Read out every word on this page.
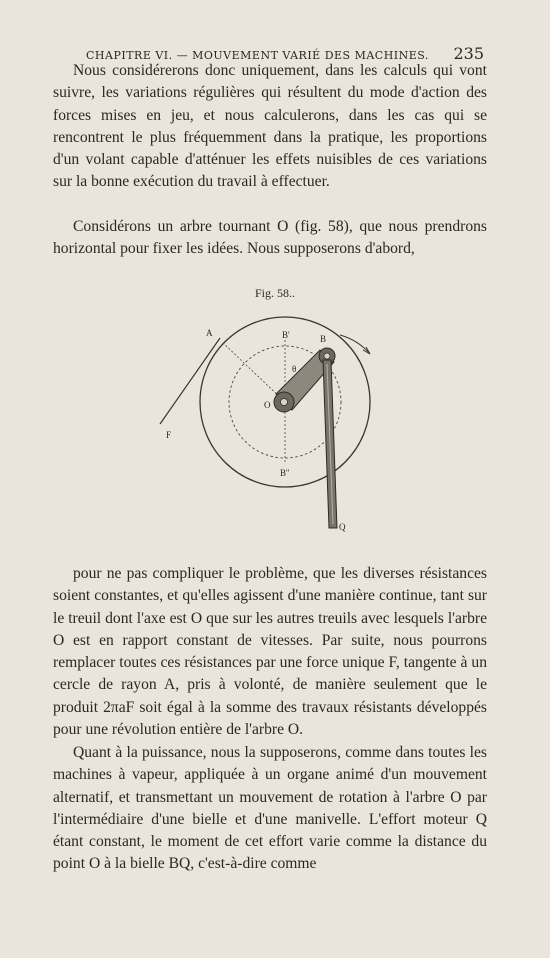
CHAPITRE VI. — MOUVEMENT VARIÉ DES MACHINES. 235

Nous considérerons donc uniquement, dans les calculs qui vont suivre, les variations régulières qui résultent du mode d'action des forces mises en jeu, et nous calculerons, dans les cas qui se rencontrent le plus fréquemment dans la pratique, les proportions d'un volant capable d'atténuer les effets nuisibles de ces variations sur la bonne exécution du travail à effectuer.

Considérons un arbre tournant O (fig. 58), que nous prendrons horizontal pour fixer les idées. Nous supposerons d'abord,

Fig. 58..
A	B'	B
θ
O
B''
F
Q

pour ne pas compliquer le problème, que les diverses résistances soient constantes, et qu'elles agissent d'une manière continue, tant sur le treuil dont l'axe est O que sur les autres treuils avec lesquels l'arbre O est en rapport constant de vitesses. Par suite, nous pourrons remplacer toutes ces résistances par une force unique F, tangente à un cercle de rayon A, pris à volonté, de manière seulement que le produit 2πaF soit égal à la somme des travaux résistants développés pour une révolution entière de l'arbre O.

Quant à la puissance, nous la supposerons, comme dans toutes les machines à vapeur, appliquée à un organe animé d'un mouvement alternatif, et transmettant un mouvement de rotation à l'arbre O par l'intermédiaire d'une bielle et d'une manivelle. L'effort moteur Q étant constant, le moment de cet effort varie comme la distance du point O à la bielle BQ, c'est-à-dire comme
